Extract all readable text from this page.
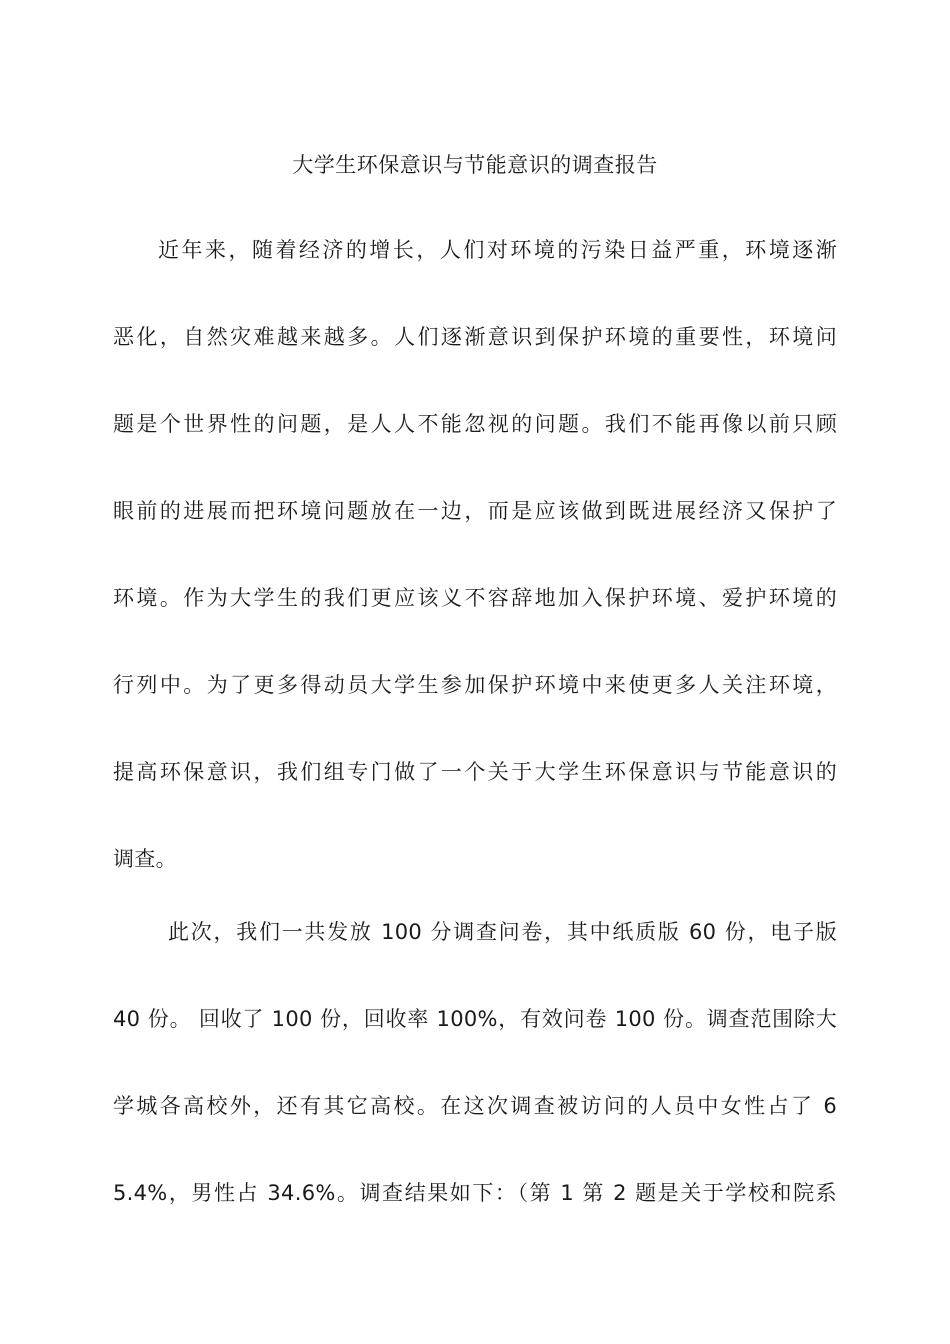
大学生环保意识与节能意识的调查报告
近年来，随着经济的增长，人们对环境的污染日益严重，环境逐渐
恶化，自然灾难越来越多。人们逐渐意识到保护环境的重要性，环境问
题是个世界性的问题，是人人不能忽视的问题。我们不能再像以前只顾
眼前的进展而把环境问题放在一边，而是应该做到既进展经济又保护了
环境。作为大学生的我们更应该义不容辞地加入保护环境、爱护环境的
行列中。为了更多得动员大学生参加保护环境中来使更多人关注环境，
提高环保意识，我们组专门做了一个关于大学生环保意识与节能意识的
调查。
此次，我们一共发放 100 分调查问卷，其中纸质版 60 份，电子版
40 份。 回收了 100 份，回收率 100%，有效问卷 100 份。调查范围除大
学城各高校外，还有其它高校。在这次调查被访问的人员中女性占了 6
5.4%，男性占 34.6%。调查结果如下：（第 1 第 2 题是关于学校和院系
